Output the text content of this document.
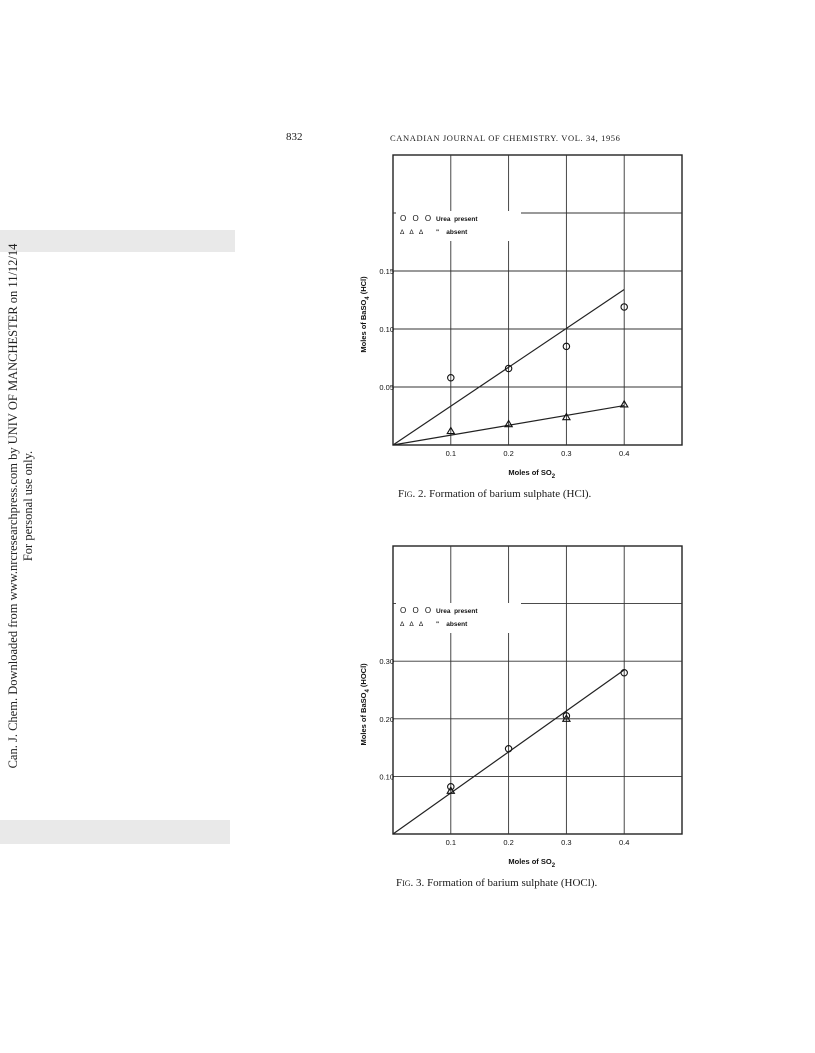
832	CANADIAN JOURNAL OF CHEMISTRY. VOL. 34, 1956
Can. J. Chem. Downloaded from www.nrcresearchpress.com by UNIV OF MANCHESTER on 11/12/14 For personal use only.	0.1	0.2	0.3	0.4
0.05
0.10
0.15
Moles of $SO_2$
Moles of BaSO$_4$ (HCl)
O O O Urea  present
Δ Δ Δ "    absent
0.1	0.2	0.3	0.4
0.10
0.20
0.30
Moles of $SO_2$
Moles of BaSO$_4$ (HOCl)
O O O Urea  present
Δ Δ Δ "    absent
Fig. 2. Formation of barium sulphate (HCl).
Fig. 3. Formation of barium sulphate (HOCl).
